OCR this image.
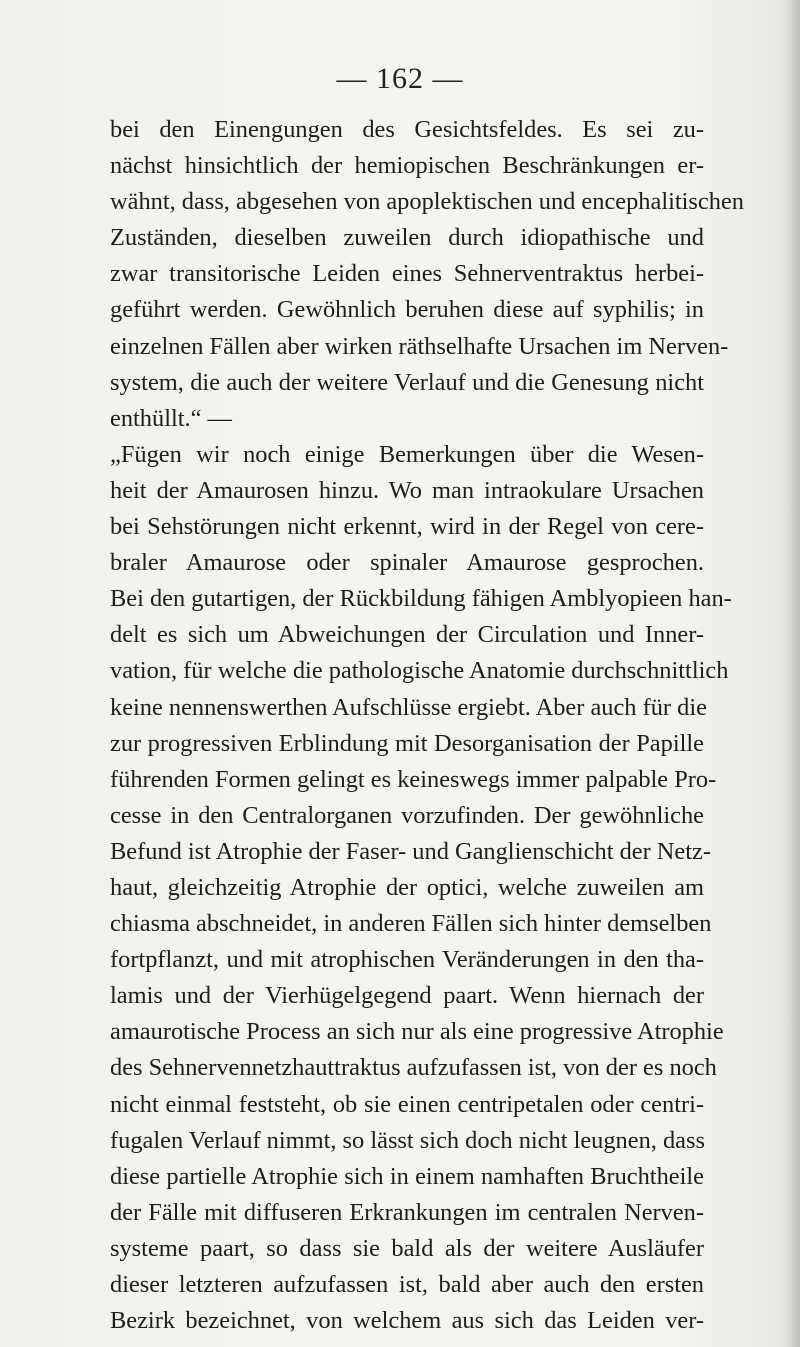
— 162 —
bei den Einengungen des Gesichtsfeldes. Es sei zu-
nächst hinsichtlich der hemiopischen Beschränkungen er-
wähnt, dass, abgesehen von apoplektischen und encephalitischen
Zuständen, dieselben zuweilen durch idiopathische und
zwar transitorische Leiden eines Sehnerventraktus herbei-
geführt werden. Gewöhnlich beruhen diese auf syphilis; in
einzelnen Fällen aber wirken räthselhafte Ursachen im Nerven-
system, die auch der weitere Verlauf und die Genesung nicht
enthüllt.“ —
„Fügen wir noch einige Bemerkungen über die Wesen-
heit der Amaurosen hinzu. Wo man intraokulare Ursachen
bei Sehstörungen nicht erkennt, wird in der Regel von cere-
braler Amaurose oder spinaler Amaurose gesprochen.
Bei den gutartigen, der Rückbildung fähigen Amblyopieen han-
delt es sich um Abweichungen der Circulation und Inner-
vation, für welche die pathologische Anatomie durchschnittlich
keine nennenswerthen Aufschlüsse ergiebt. Aber auch für die
zur progressiven Erblindung mit Desorganisation der Papille
führenden Formen gelingt es keineswegs immer palpable Pro-
cesse in den Centralorganen vorzufinden. Der gewöhnliche
Befund ist Atrophie der Faser- und Ganglienschicht der Netz-
haut, gleichzeitig Atrophie der optici, welche zuweilen am
chiasma abschneidet, in anderen Fällen sich hinter demselben
fortpflanzt, und mit atrophischen Veränderungen in den tha-
lamis und der Vierhügelgegend paart. Wenn hiernach der
amaurotische Process an sich nur als eine progressive Atrophie
des Sehnervennetzhauttraktus aufzufassen ist, von der es noch
nicht einmal feststeht, ob sie einen centripetalen oder centri-
fugalen Verlauf nimmt, so lässt sich doch nicht leugnen, dass
diese partielle Atrophie sich in einem namhaften Bruchtheile
der Fälle mit diffuseren Erkrankungen im centralen Nerven-
systeme paart, so dass sie bald als der weitere Ausläufer
dieser letzteren aufzufassen ist, bald aber auch den ersten
Bezirk bezeichnet, von welchem aus sich das Leiden ver-
